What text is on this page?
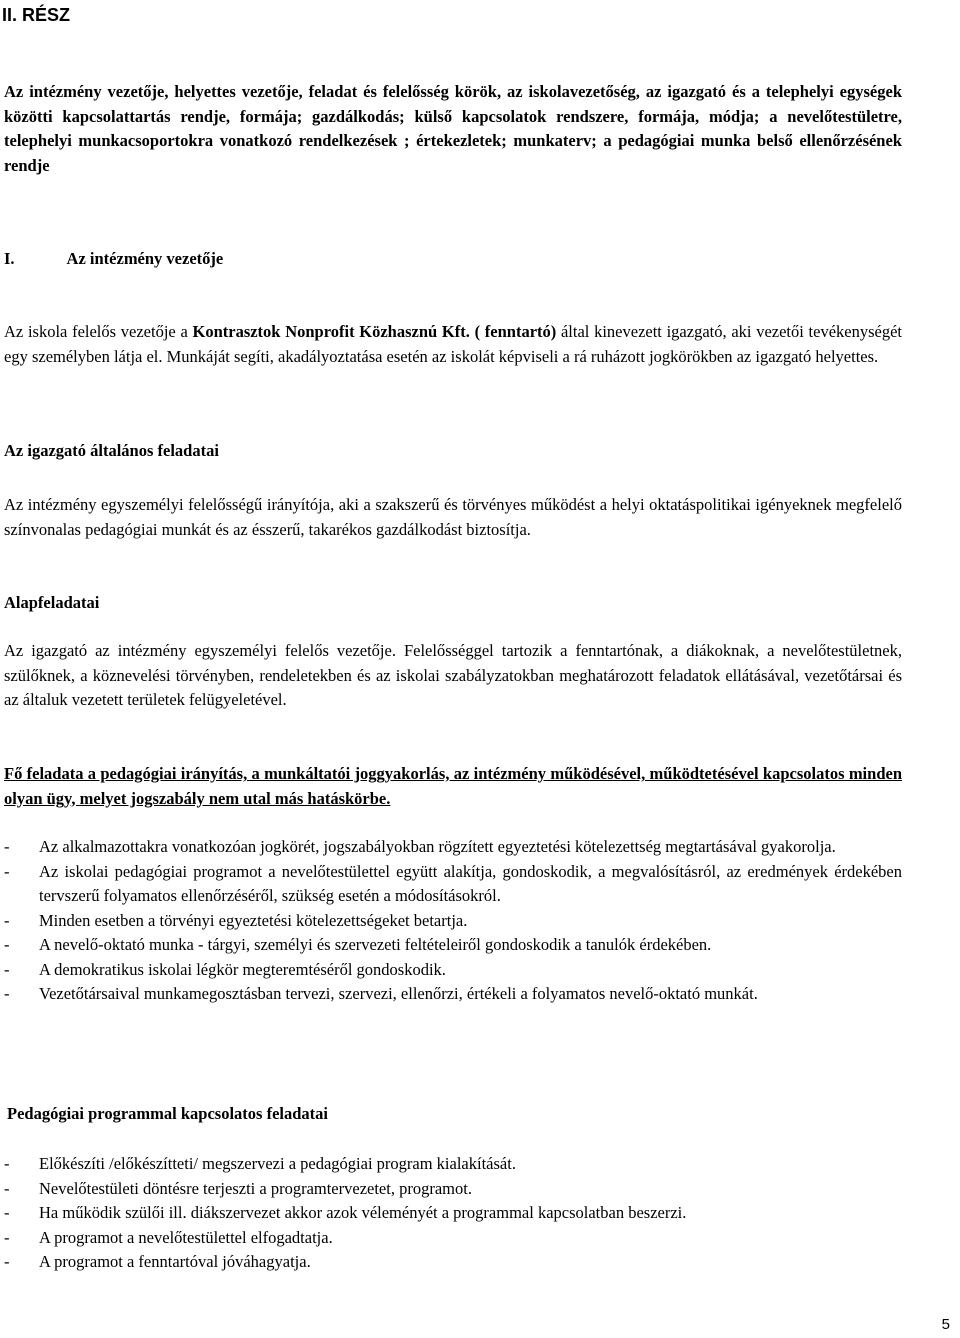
II. RÉSZ

Az intézmény vezetője, helyettes vezetője, feladat és felelősség körök, az iskolavezetőség, az igazgató és a telephelyi egységek közötti kapcsolattartás rendje, formája; gazdálkodás; külső kapcsolatok rendszere, formája, módja; a nevelőtestületre, telephelyi munkacsoportokra vonatkozó rendelkezések ; értekezletek; munkaterv; a pedagógiai munka belső ellenőrzésének rendje

I.	Az intézmény vezetője

Az iskola felelős vezetője a Kontrasztok Nonprofit Közhasznú Kft. ( fenntartó) által kinevezett igazgató, aki vezetői tevékenységét egy személyben látja el. Munkáját segíti, akadályoztatása esetén az iskolát képviseli a rá ruházott jogkörökben az igazgató helyettes.

Az igazgató általános feladatai

Az intézmény egyszemélyi felelősségű irányítója, aki a szakszerű és törvényes működést a helyi oktatáspolitikai igényeknek megfelelő színvonalas pedagógiai munkát és az ésszerű, takarékos gazdálkodást biztosítja.

Alapfeladatai

Az igazgató az intézmény egyszemélyi felelős vezetője. Felelősséggel tartozik a fenntartónak, a diákoknak, a nevelőtestületnek, szülőknek, a köznevelési törvényben, rendeletekben és az iskolai szabályzatokban meghatározott feladatok ellátásával, vezetőtársai és az általuk vezetett területek felügyeletével.

Fő feladata a pedagógiai irányítás, a munkáltatói joggyakorlás, az intézmény működésével, működtetésével kapcsolatos minden olyan ügy, melyet jogszabály nem utal más hatáskörbe.

- Az alkalmazottakra vonatkozóan jogkörét, jogszabályokban rögzített egyeztetési kötelezettség megtartásával gyakorolja.
- Az iskolai pedagógiai programot a nevelőtestülettel együtt alakítja, gondoskodik, a megvalósításról, az eredmények érdekében tervszerű folyamatos ellenőrzéséről, szükség esetén a módosításokról.
- Minden esetben a törvényi egyeztetési kötelezettségeket betartja.
- A nevelő-oktató munka - tárgyi, személyi és szervezeti feltételeiről gondoskodik a tanulók érdekében.
- A demokratikus iskolai légkör megteremtéséről gondoskodik.
- Vezetőtársaival munkamegosztásban tervezi, szervezi, ellenőrzi, értékeli a folyamatos nevelő-oktató munkát.
Pedagógiai programmal kapcsolatos feladatai
- Előkészíti /előkészítteti/ megszervezi a pedagógiai program kialakítását.
- Nevelőtestületi döntésre terjeszti a programtervezetet, programot.
- Ha működik szülői ill. diákszervezet akkor azok véleményét a programmal kapcsolatban beszerzi.
- A programot a nevelőtestülettel elfogadtatja.
- A programot a fenntartóval jóváhagyatja.
5
